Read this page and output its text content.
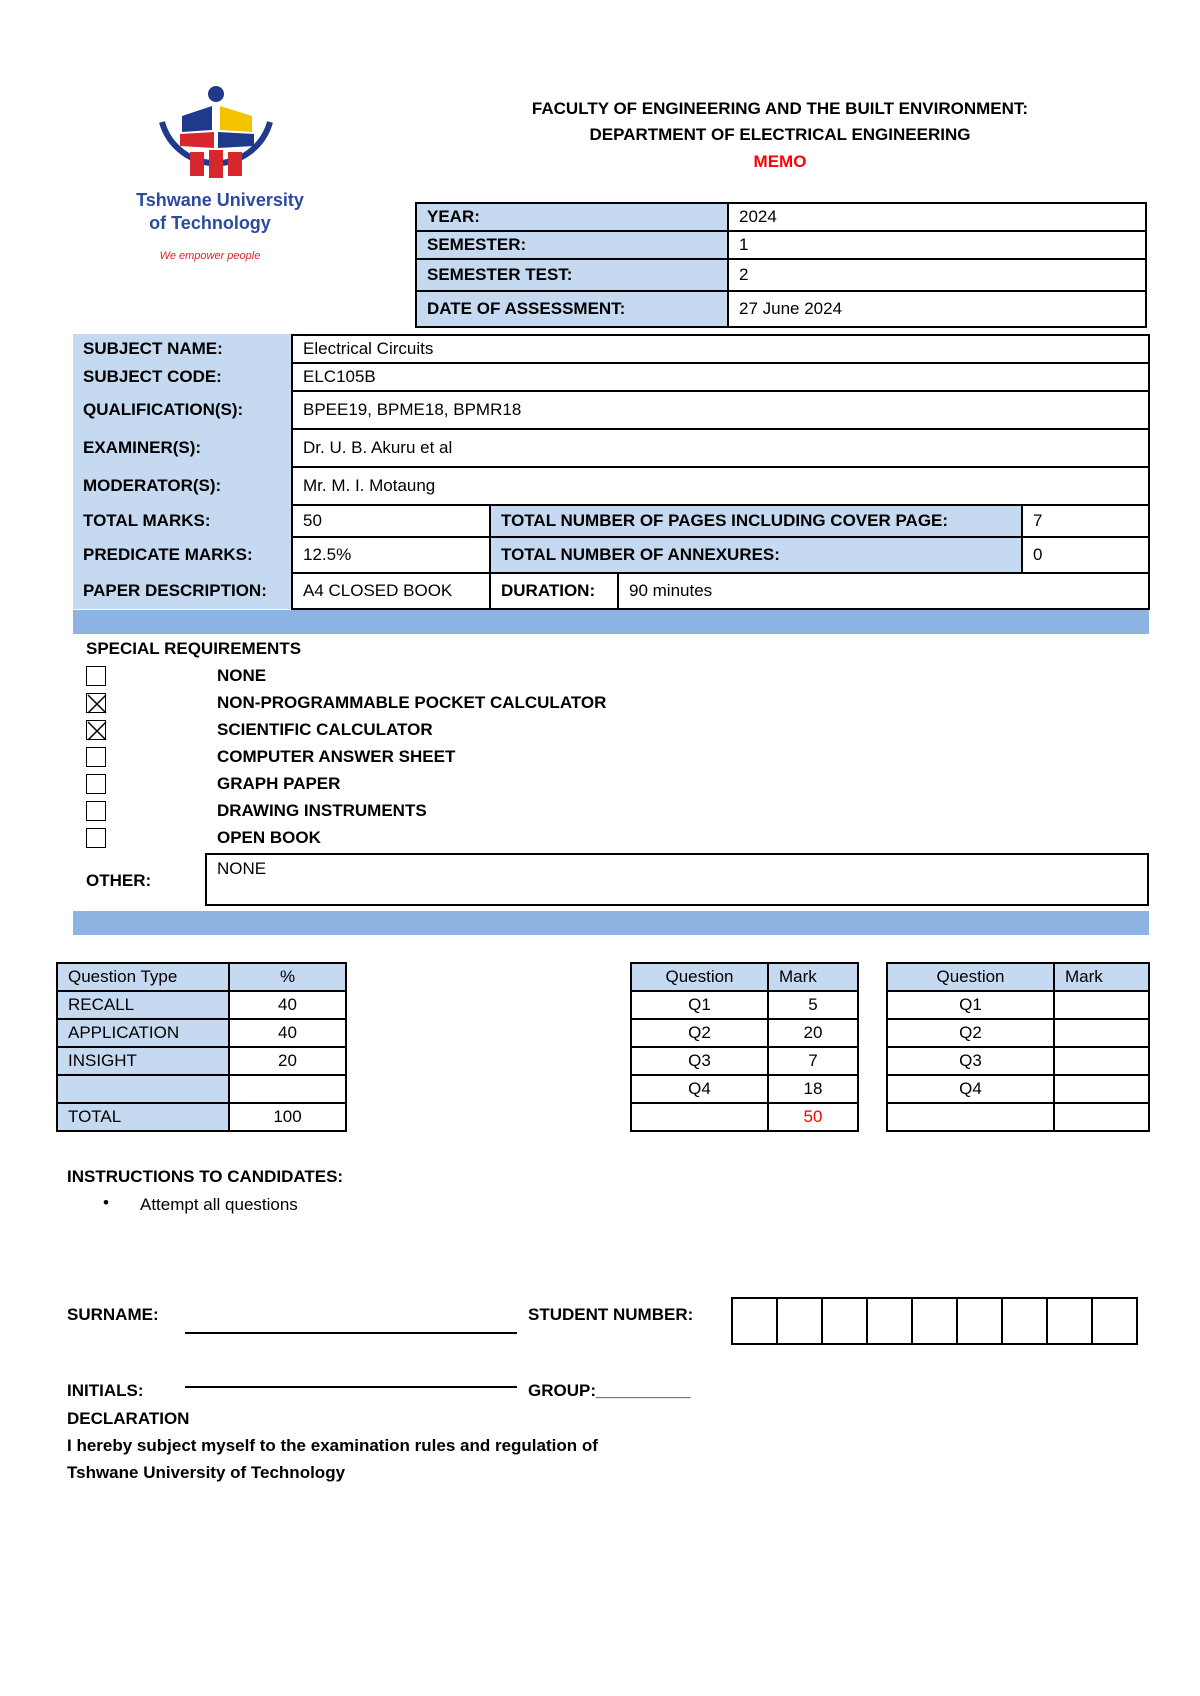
Tshwane University
of Technology
We empower people
FACULTY OF ENGINEERING AND THE BUILT ENVIRONMENT:
DEPARTMENT OF ELECTRICAL ENGINEERING
MEMO
YEAR:	2024
SEMESTER:	1
SEMESTER TEST:	2
DATE OF ASSESSMENT:	27 June 2024
SUBJECT NAME:	Electrical Circuits			
SUBJECT CODE:	ELC105B			
QUALIFICATION(S):	BPEE19, BPME18, BPMR18			
EXAMINER(S):	Dr. U. B. Akuru et al			
MODERATOR(S):	Mr. M. I. Motaung			
TOTAL MARKS:	50	TOTAL NUMBER OF PAGES INCLUDING COVER PAGE:		7
PREDICATE MARKS:	12.5%	TOTAL NUMBER OF ANNEXURES:		0
PAPER DESCRIPTION:	A4 CLOSED BOOK	DURATION:	90 minutes	
SPECIAL REQUIREMENTS
NONE
NON-PROGRAMMABLE POCKET CALCULATOR
SCIENTIFIC CALCULATOR
COMPUTER ANSWER SHEET
GRAPH PAPER
DRAWING INSTRUMENTS
OPEN BOOK
OTHER:
NONE
Question Type	%
RECALL	40
APPLICATION	40
INSIGHT	20

TOTAL	100
Question	Mark
Q1	5
Q2	20
Q3	7
Q4	18
	50
Question	Mark
Q1	
Q2	
Q3	
Q4	

INSTRUCTIONS TO CANDIDATES:
• Attempt all questions
SURNAME:	STUDENT NUMBER:

INITIALS:	GROUP:__________
DECLARATION
I hereby subject myself to the examination rules and regulation of
Tshwane University of Technology
